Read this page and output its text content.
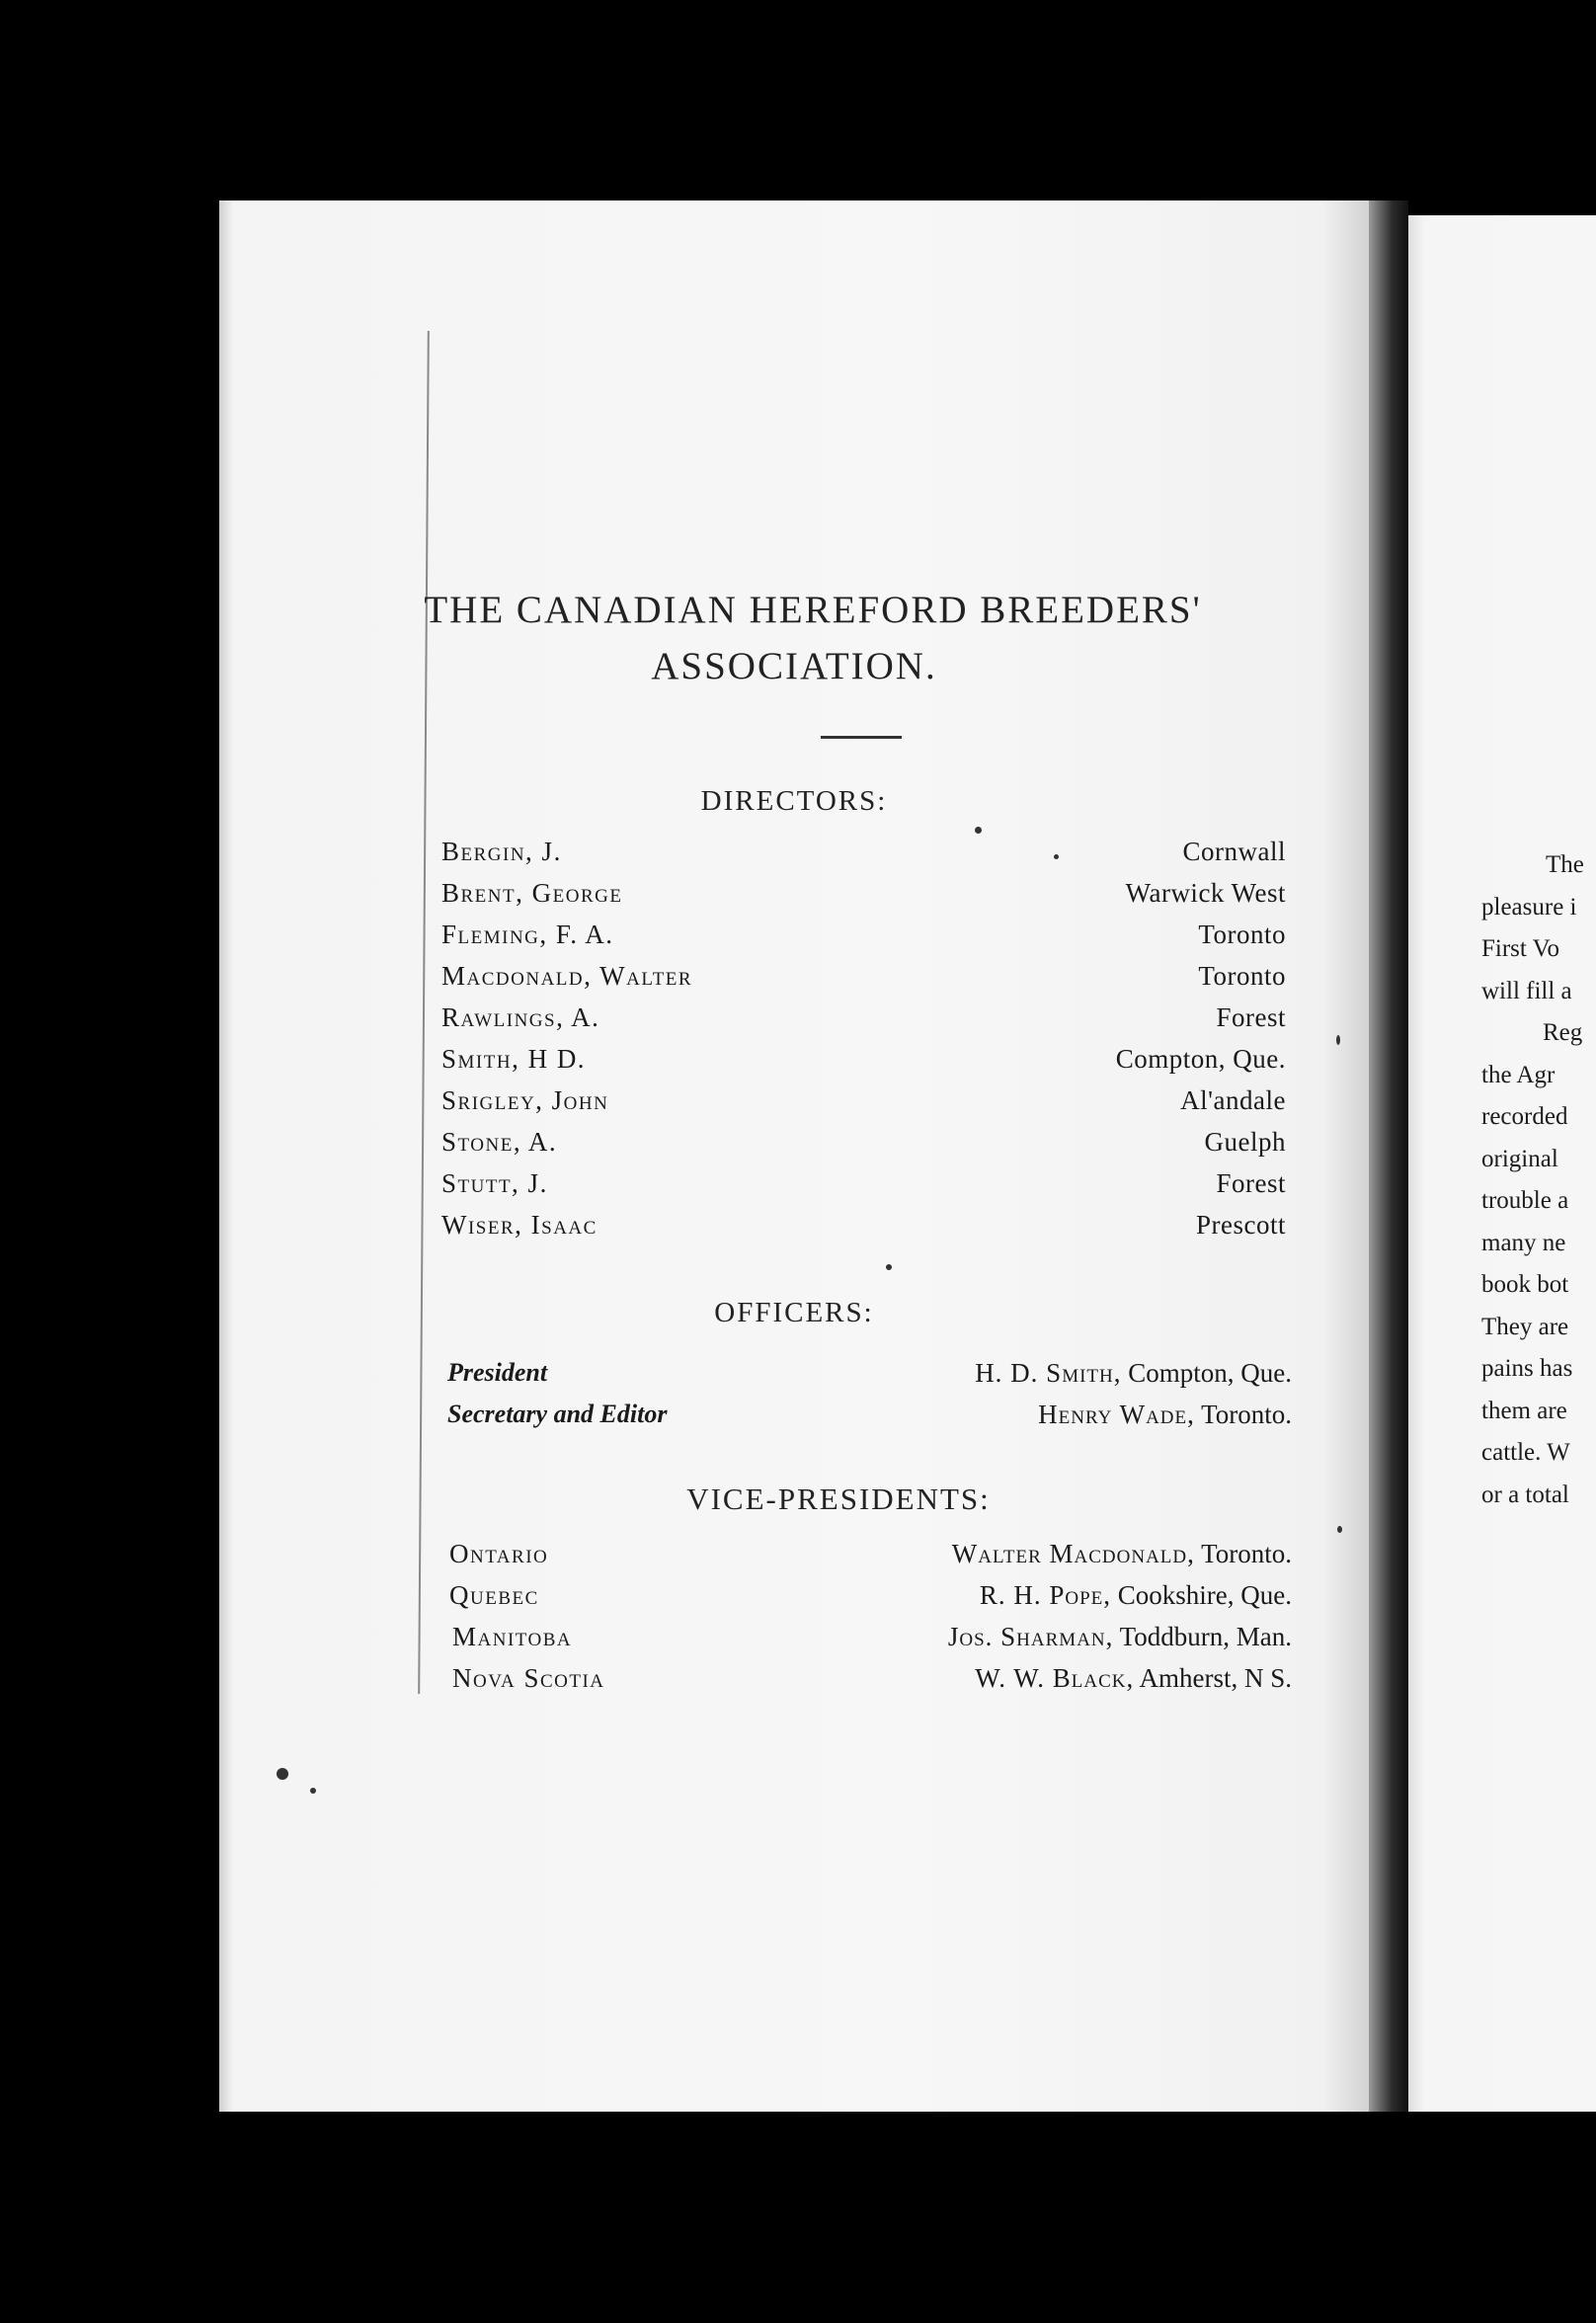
THE CANADIAN HEREFORD BREEDERS'
ASSOCIATION.
DIRECTORS:
Bergin, J.	Cornwall
Brent, George	Warwick West
Fleming, F. A.	Toronto
Macdonald, Walter	Toronto
Rawlings, A.	Forest
Smith, H D.	Compton, Que.
Srigley, John	Al'andale
Stone, A.	Guelph
Stutt, J.	Forest
Wiser, Isaac	Prescott
OFFICERS:
President	H. D. Smith, Compton, Que.
Secretary and Editor	Henry Wade, Toronto.
VICE-PRESIDENTS:
Ontario	Walter Macdonald, Toronto.
Quebec	R. H. Pope, Cookshire, Que.
Manitoba	Jos. Sharman, Toddburn, Man.
Nova Scotia	W. W. Black, Amherst, N S.
The
pleasure i
First Vo
will fill a
Reg
the Agr
recorded
original
trouble a
many ne
book bot
They are
pains has
them are
cattle. W
or a total
